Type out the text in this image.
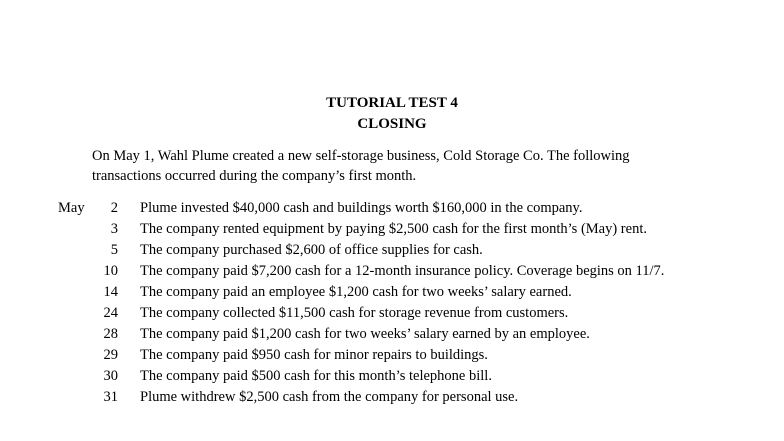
TUTORIAL TEST 4
CLOSING
On May 1, Wahl Plume created a new self-storage business, Cold Storage Co. The following transactions occurred during the company’s first month.
May	2 Plume invested $40,000 cash and buildings worth $160,000 in the company.
3 The company rented equipment by paying $2,500 cash for the first month’s (May) rent.
5 The company purchased $2,600 of office supplies for cash.
10 The company paid $7,200 cash for a 12-month insurance policy. Coverage begins on 11/7.
14 The company paid an employee $1,200 cash for two weeks’ salary earned.
24 The company collected $11,500 cash for storage revenue from customers.
28 The company paid $1,200 cash for two weeks’ salary earned by an employee.
29 The company paid $950 cash for minor repairs to buildings.
30 The company paid $500 cash for this month’s telephone bill.
31 Plume withdrew $2,500 cash from the company for personal use.
